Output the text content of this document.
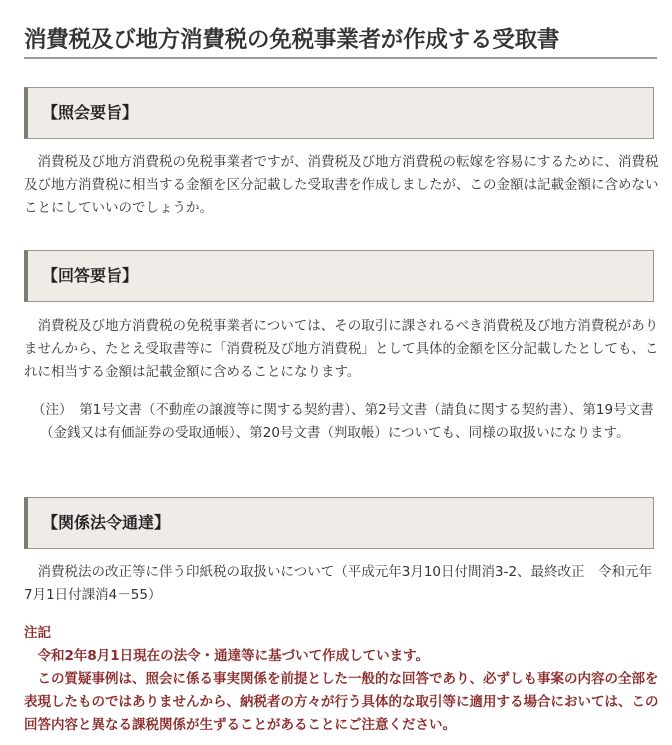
消費税及び地方消費税の免税事業者が作成する受取書
【照会要旨】
消費税及び地方消費税の免税事業者ですが、消費税及び地方消費税の転嫁を容易にするために、消費税及び地方消費税に相当する金額を区分記載した受取書を作成しましたが、この金額は記載金額に含めないことにしていいのでしょうか。
【回答要旨】
消費税及び地方消費税の免税事業者については、その取引に課されるべき消費税及び地方消費税がありませんから、たとえ受取書等に「消費税及び地方消費税」として具体的金額を区分記載したとしても、これに相当する金額は記載金額に含めることになります。
（注）　第1号文書（不動産の譲渡等に関する契約書）、第2号文書（請負に関する契約書）、第19号文書（金銭又は有価証券の受取通帳）、第20号文書（判取帳）についても、同様の取扱いになります。
【関係法令通達】
消費税法の改正等に伴う印紙税の取扱いについて（平成元年3月10日付間消3-2、最終改正　令和元年7月1日付課消4－55）
注記
令和2年8月1日現在の法令・通達等に基づいて作成しています。
この質疑事例は、照会に係る事実関係を前提とした一般的な回答であり、必ずしも事案の内容の全部を表現したものではありませんから、納税者の方々が行う具体的な取引等に適用する場合においては、この回答内容と異なる課税関係が生ずることがあることにご注意ください。
